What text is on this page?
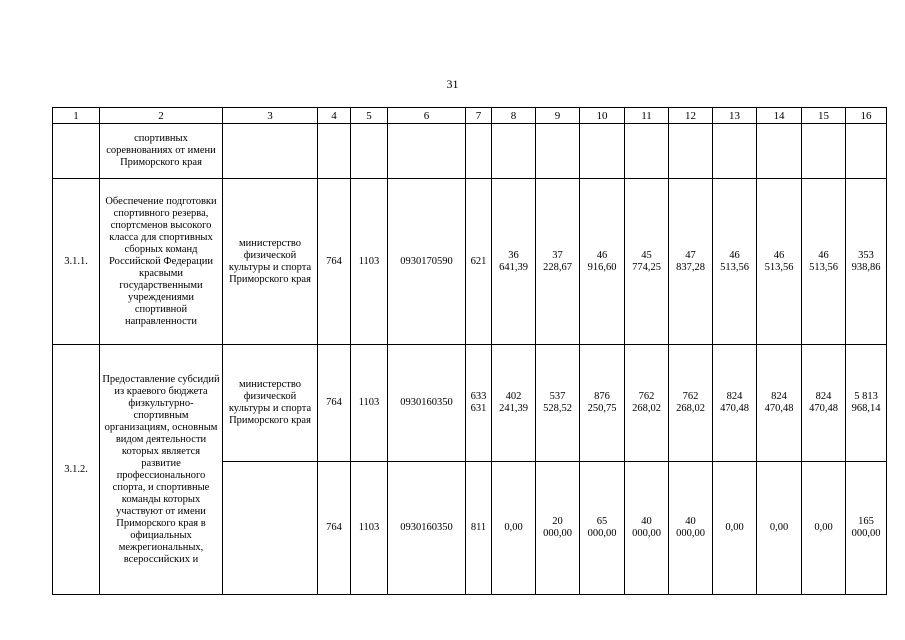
31
1	2	3	4	5	6	7	8	9	10	11	12	13	14	15	16
	спортивных соревнованиях от имени Приморского края														
3.1.1.	Обеспечение подготовки спортивного резерва, спортсменов высокого класса для спортивных сборных команд Российской Федерации красвыми государственными учреждениями спортивной направленности	министерство физической культуры и спорта Приморского края	764	1103	0930170590	621	36 641,39	37 228,67	46 916,60	45 774,25	47 837,28	46 513,56	46 513,56	46 513,56	353 938,86
3.1.2.	Предоставление субсидий из краевого бюджета физкультурно-спортивным организациям, основным видом деятельности которых является развитие профессионального спорта, и спортивные команды которых участвуют от имени Приморского края в официальных межрегиональных, всероссийских и	министерство физической культуры и спорта Приморского края	764	1103	0930160350	633 631	402 241,39	537 528,52	876 250,75	762 268,02	762 268,02	824 470,48	824 470,48	824 470,48	5 813 968,14
			764	1103	0930160350	811	0,00	20 000,00	65 000,00	40 000,00	40 000,00	0,00	0,00	0,00	165 000,00
